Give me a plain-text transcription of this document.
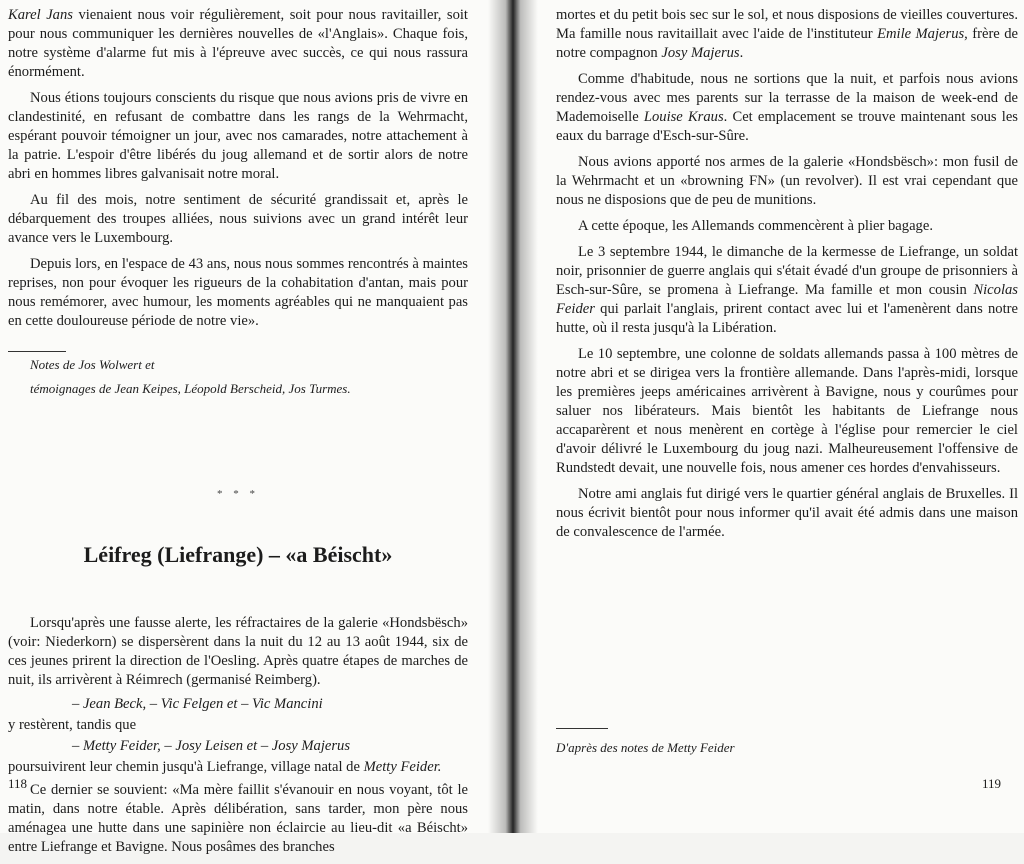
Karel Jans vienaient nous voir régulièrement, soit pour nous ravitailler, soit pour nous communiquer les dernières nouvelles de «l'Anglais». Chaque fois, notre système d'alarme fut mis à l'épreuve avec succès, ce qui nous rassura énormément.

Nous étions toujours conscients du risque que nous avions pris de vivre en clandestinité, en refusant de combattre dans les rangs de la Wehrmacht, espérant pouvoir témoigner un jour, avec nos camarades, notre attachement à la patrie. L'espoir d'être libérés du joug allemand et de sortir alors de notre abri en hommes libres galvanisait notre moral.

Au fil des mois, notre sentiment de sécurité grandissait et, après le débarquement des troupes alliées, nous suivions avec un grand intérêt leur avance vers le Luxembourg.

Depuis lors, en l'espace de 43 ans, nous nous sommes rencontrés à maintes reprises, non pour évoquer les rigueurs de la cohabitation d'antan, mais pour nous remémorer, avec humour, les moments agréables qui ne manquaient pas en cette douloureuse période de notre vie».

Notes de Jos Wolwert et

témoignages de Jean Keipes, Léopold Berscheid, Jos Turmes.

* * *
Léifreg (Liefrange) – «a Béischt»

Lorsqu'après une fausse alerte, les réfractaires de la galerie «Hondsbësch» (voir: Niederkorn) se dispersèrent dans la nuit du 12 au 13 août 1944, six de ces jeunes prirent la direction de l'Oesling. Après quatre étapes de marches de nuit, ils arrivèrent à Réimrech (germanisé Reimberg).

– Jean Beck, – Vic Felgen et – Vic Mancini

y restèrent, tandis que

– Metty Feider, – Josy Leisen et – Josy Majerus

poursuivirent leur chemin jusqu'à Liefrange, village natal de Metty Feider.

Ce dernier se souvient: «Ma mère faillit s'évanouir en nous voyant, tôt le matin, dans notre étable. Après délibération, sans tarder, mon père nous aménagea une hutte dans une sapinière non éclaircie au lieu-dit «a Béischt» entre Liefrange et Bavigne. Nous posâmes des branches

118

mortes et du petit bois sec sur le sol, et nous disposions de vieilles couvertures. Ma famille nous ravitaillait avec l'aide de l'instituteur Emile Majerus, frère de notre compagnon Josy Majerus.

Comme d'habitude, nous ne sortions que la nuit, et parfois nous avions rendez-vous avec mes parents sur la terrasse de la maison de week-end de Mademoiselle Louise Kraus. Cet emplacement se trouve maintenant sous les eaux du barrage d'Esch-sur-Sûre.

Nous avions apporté nos armes de la galerie «Hondsbësch»: mon fusil de la Wehrmacht et un «browning FN» (un revolver). Il est vrai cependant que nous ne disposions que de peu de munitions.

A cette époque, les Allemands commencèrent à plier bagage.

Le 3 septembre 1944, le dimanche de la kermesse de Liefrange, un soldat noir, prisonnier de guerre anglais qui s'était évadé d'un groupe de prisonniers à Esch-sur-Sûre, se promena à Liefrange. Ma famille et mon cousin Nicolas Feider qui parlait l'anglais, prirent contact avec lui et l'amenèrent dans notre hutte, où il resta jusqu'à la Libération.

Le 10 septembre, une colonne de soldats allemands passa à 100 mètres de notre abri et se dirigea vers la frontière allemande. Dans l'après-midi, lorsque les premières jeeps américaines arrivèrent à Bavigne, nous y courûmes pour saluer nos libérateurs. Mais bientôt les habitants de Liefrange nous accaparèrent et nous menèrent en cortège à l'église pour remercier le ciel d'avoir délivré le Luxembourg du joug nazi. Malheureusement l'offensive de Rundstedt devait, une nouvelle fois, nous amener ces hordes d'envahisseurs.

Notre ami anglais fut dirigé vers le quartier général anglais de Bruxelles. Il nous écrivit bientôt pour nous informer qu'il avait été admis dans une maison de convalescence de l'armée.

D'après des notes de Metty Feider
119
